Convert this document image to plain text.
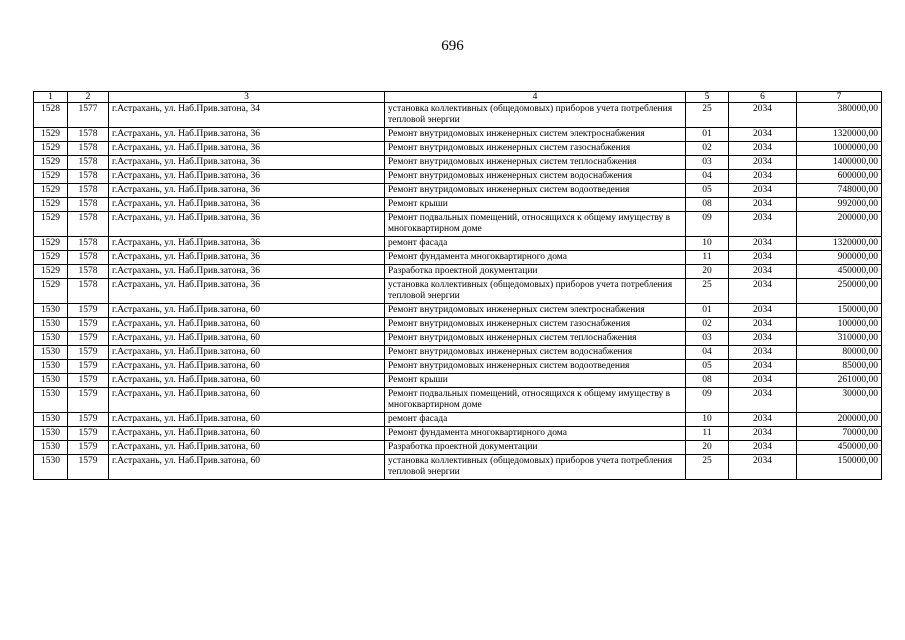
696
1	2	3	4	5	6	7
1528	1577	г.Астрахань, ул. Наб.Прив.затона, 34	установка коллективных (общедомовых) приборов учета потребления тепловой энергии	25	2034	380000,00
1529	1578	г.Астрахань, ул. Наб.Прив.затона, 36	Ремонт внутридомовых инженерных систем электроснабжения	01	2034	1320000,00
1529	1578	г.Астрахань, ул. Наб.Прив.затона, 36	Ремонт внутридомовых инженерных систем газоснабжения	02	2034	1000000,00
1529	1578	г.Астрахань, ул. Наб.Прив.затона, 36	Ремонт внутридомовых инженерных систем теплоснабжения	03	2034	1400000,00
1529	1578	г.Астрахань, ул. Наб.Прив.затона, 36	Ремонт внутридомовых инженерных систем водоснабжения	04	2034	600000,00
1529	1578	г.Астрахань, ул. Наб.Прив.затона, 36	Ремонт внутридомовых инженерных систем водоотведения	05	2034	748000,00
1529	1578	г.Астрахань, ул. Наб.Прив.затона, 36	Ремонт крыши	08	2034	992000,00
1529	1578	г.Астрахань, ул. Наб.Прив.затона, 36	Ремонт подвальных помещений, относящихся к общему имуществу в многоквартирном доме	09	2034	200000,00
1529	1578	г.Астрахань, ул. Наб.Прив.затона, 36	ремонт фасада	10	2034	1320000,00
1529	1578	г.Астрахань, ул. Наб.Прив.затона, 36	Ремонт фундамента многоквартирного дома	11	2034	900000,00
1529	1578	г.Астрахань, ул. Наб.Прив.затона, 36	Разработка проектной документации	20	2034	450000,00
1529	1578	г.Астрахань, ул. Наб.Прив.затона, 36	установка коллективных (общедомовых) приборов учета потребления тепловой энергии	25	2034	250000,00
1530	1579	г.Астрахань, ул. Наб.Прив.затона, 60	Ремонт внутридомовых инженерных систем электроснабжения	01	2034	150000,00
1530	1579	г.Астрахань, ул. Наб.Прив.затона, 60	Ремонт внутридомовых инженерных систем газоснабжения	02	2034	100000,00
1530	1579	г.Астрахань, ул. Наб.Прив.затона, 60	Ремонт внутридомовых инженерных систем теплоснабжения	03	2034	310000,00
1530	1579	г.Астрахань, ул. Наб.Прив.затона, 60	Ремонт внутридомовых инженерных систем водоснабжения	04	2034	80000,00
1530	1579	г.Астрахань, ул. Наб.Прив.затона, 60	Ремонт внутридомовых инженерных систем водоотведения	05	2034	85000,00
1530	1579	г.Астрахань, ул. Наб.Прив.затона, 60	Ремонт крыши	08	2034	261000,00
1530	1579	г.Астрахань, ул. Наб.Прив.затона, 60	Ремонт подвальных помещений, относящихся к общему имуществу в многоквартирном доме	09	2034	30000,00
1530	1579	г.Астрахань, ул. Наб.Прив.затона, 60	ремонт фасада	10	2034	200000,00
1530	1579	г.Астрахань, ул. Наб.Прив.затона, 60	Ремонт фундамента многоквартирного дома	11	2034	70000,00
1530	1579	г.Астрахань, ул. Наб.Прив.затона, 60	Разработка проектной документации	20	2034	450000,00
1530	1579	г.Астрахань, ул. Наб.Прив.затона, 60	установка коллективных (общедомовых) приборов учета потребления тепловой энергии	25	2034	150000,00
